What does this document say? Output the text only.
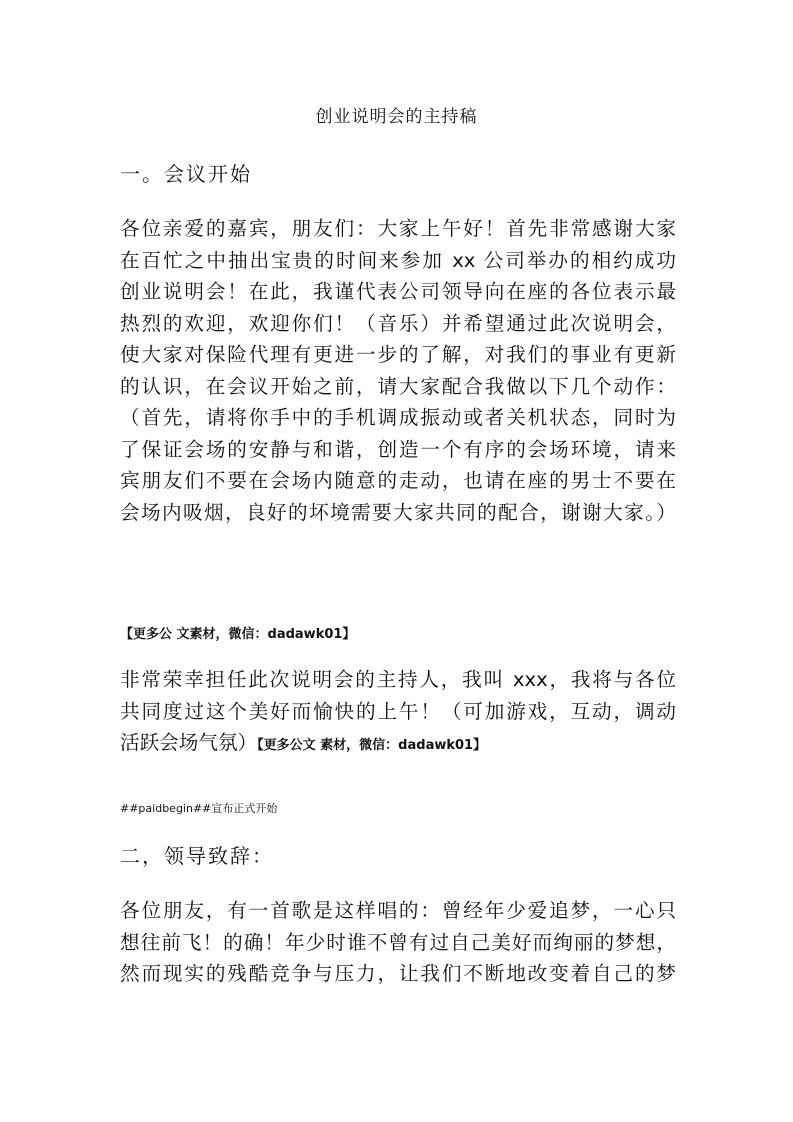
创业说明会的主持稿
一。会议开始
各位亲爱的嘉宾，朋友们：大家上午好！首先非常感谢大家
在百忙之中抽出宝贵的时间来参加 xx 公司举办的相约成功
创业说明会！在此，我谨代表公司领导向在座的各位表示最
热烈的欢迎，欢迎你们！（音乐）并希望通过此次说明会，
使大家对保险代理有更进一步的了解，对我们的事业有更新
的认识，在会议开始之前，请大家配合我做以下几个动作：
（首先，请将你手中的手机调成振动或者关机状态，同时为
了保证会场的安静与和谐，创造一个有序的会场环境，请来
宾朋友们不要在会场内随意的走动，也请在座的男士不要在
会场内吸烟，良好的坏境需要大家共同的配合，谢谢大家。）
【更多公 文素材，微信：dadawk01】
非常荣幸担任此次说明会的主持人，我叫 xxx，我将与各位
共同度过这个美好而愉快的上午！（可加游戏，互动，调动
活跃会场气氛）【更多公文 素材，微信：dadawk01】
##paidbegin##宣布正式开始
二，领导致辞：
各位朋友，有一首歌是这样唱的：曾经年少爱追梦，一心只
想往前飞！的确！年少时谁不曾有过自己美好而绚丽的梦想，
然而现实的残酷竞争与压力，让我们不断地改变着自己的梦
